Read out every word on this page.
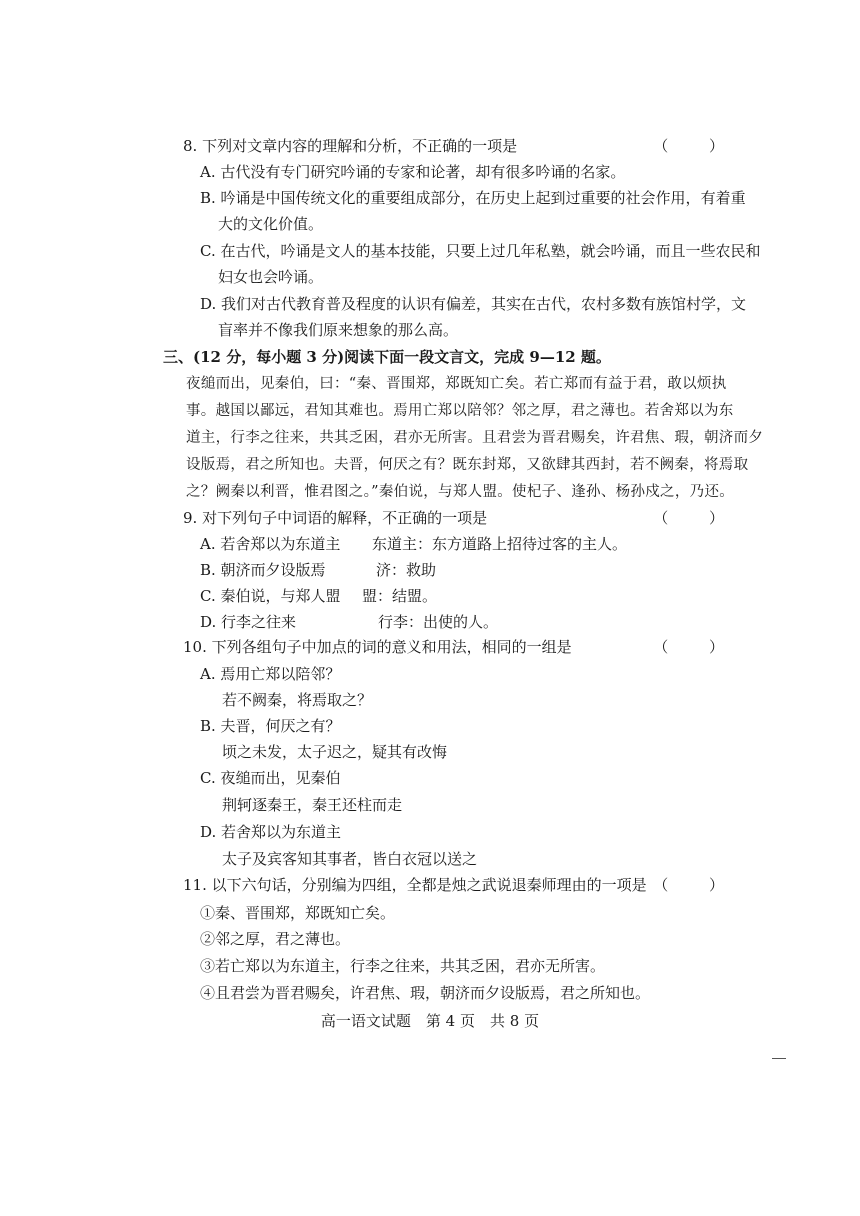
8. 下列对文章内容的理解和分析，不正确的一项是	（ ）
A. 古代没有专门研究吟诵的专家和论著，却有很多吟诵的名家。
B. 吟诵是中国传统文化的重要组成部分，在历史上起到过重要的社会作用，有着重
大的文化价值。
C. 在古代，吟诵是文人的基本技能，只要上过几年私塾，就会吟诵，而且一些农民和
妇女也会吟诵。
D. 我们对古代教育普及程度的认识有偏差，其实在古代，农村多数有族馆村学，文
盲率并不像我们原来想象的那么高。
三、(12 分，每小题 3 分)阅读下面一段文言文，完成 9—12 题。
夜缒而出，见秦伯，曰：“秦、晋围郑，郑既知亡矣。若亡郑而有益于君，敢以烦执
事。越国以鄙远，君知其难也。焉用亡郑以陪邻？邻之厚，君之薄也。若舍郑以为东
道主，行李之往来，共其乏困，君亦无所害。且君尝为晋君赐矣，许君焦、瑕，朝济而夕
设版焉，君之所知也。夫晋，何厌之有？既东封郑，又欲肆其西封，若不阙秦，将焉取
之？阙秦以利晋，惟君图之。”秦伯说，与郑人盟。使杞子、逢孙、杨孙戍之，乃还。
9. 对下列句子中词语的解释，不正确的一项是	（ ）
A. 若舍郑以为东道主 东道主：东方道路上招待过客的主人。
B. 朝济而夕设版焉	济：救助
C. 秦伯说，与郑人盟 盟：结盟。
D. 行李之往来	行李：出使的人。
10. 下列各组句子中加点的词的意义和用法，相同的一组是	（ ）
A. 焉用亡郑以陪邻？
若不阙秦，将焉取之？
B. 夫晋，何厌之有？
顷之未发，太子迟之，疑其有改悔
C. 夜缒而出，见秦伯
荆轲逐秦王，秦王还柱而走
D. 若舍郑以为东道主
太子及宾客知其事者，皆白衣冠以送之
11. 以下六句话，分别编为四组，全都是烛之武说退秦师理由的一项是 （ ）
①秦、晋围郑，郑既知亡矣。
②邻之厚，君之薄也。
③若亡郑以为东道主，行李之往来，共其乏困，君亦无所害。
④且君尝为晋君赐矣，许君焦、瑕，朝济而夕设版焉，君之所知也。
高一语文试题　第 4 页　共 8 页
